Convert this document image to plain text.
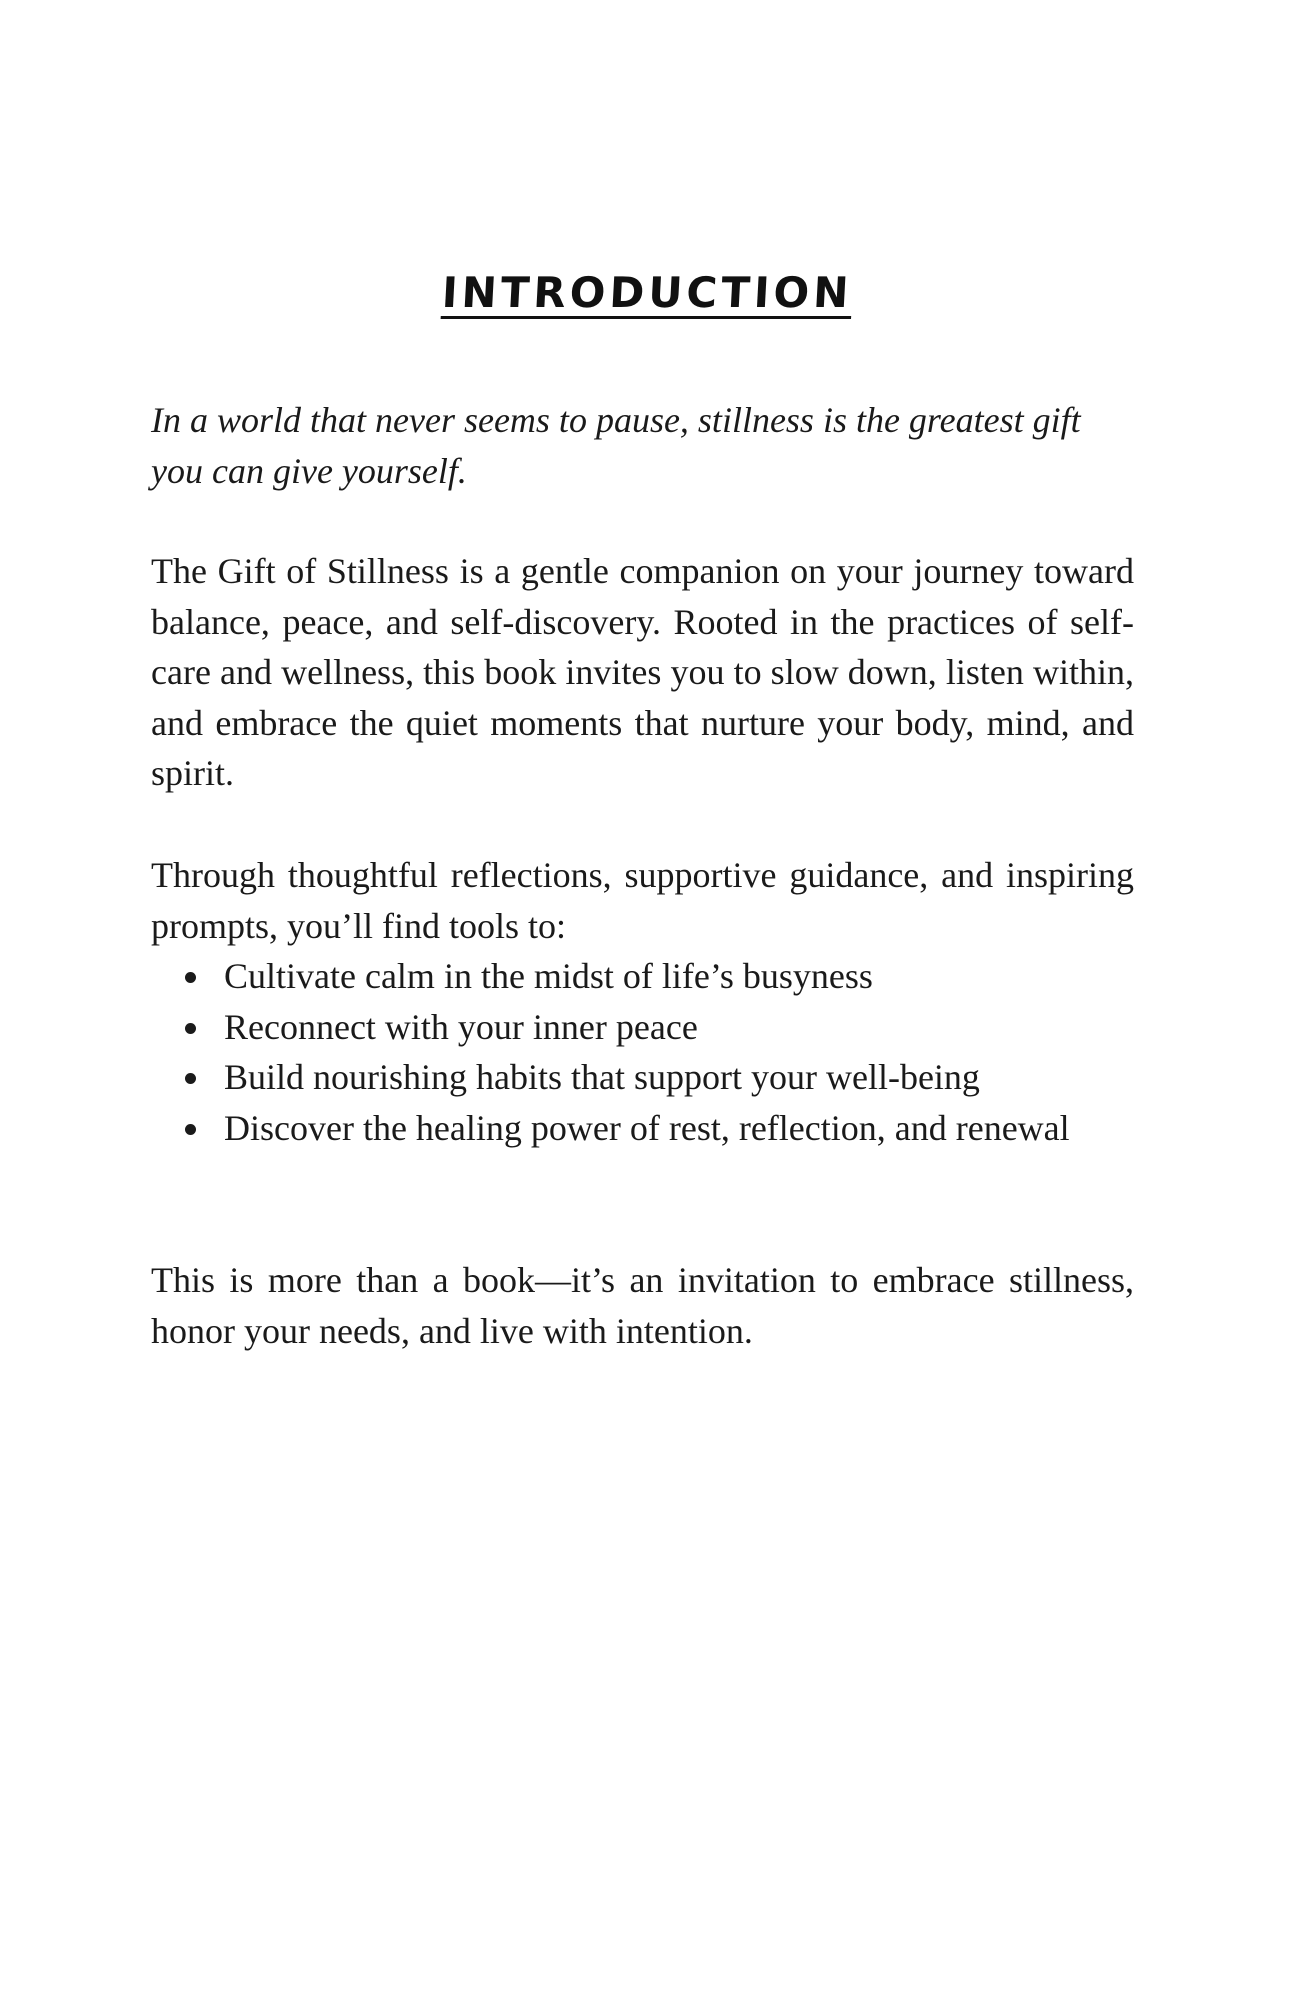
INTRODUCTION

In a world that never seems to pause, stillness is the greatest gift you can give yourself.

The Gift of Stillness is a gentle companion on your journey toward balance, peace, and self-discovery. Rooted in the practices of self-care and wellness, this book invites you to slow down, listen within, and embrace the quiet moments that nurture your body, mind, and spirit.

Through thoughtful reflections, supportive guidance, and inspiring prompts, you’ll find tools to:

Cultivate calm in the midst of life’s busyness
Reconnect with your inner peace
Build nourishing habits that support your well-being
Discover the healing power of rest, reflection, and renewal

This is more than a book—it’s an invitation to embrace stillness, honor your needs, and live with intention.
